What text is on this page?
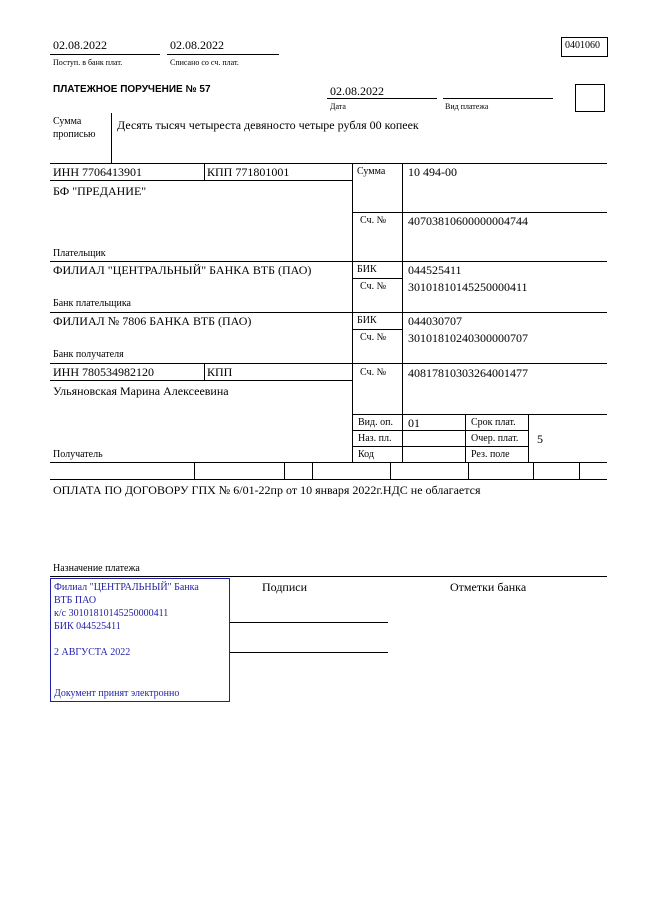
02.08.2022
Поступ. в банк плат.
02.08.2022
Списано со сч. плат.
0401060
ПЛАТЕЖНОЕ ПОРУЧЕНИЕ № 57	02.08.2022
Дата	Вид платежа
Сумма
прописью
Десять тысяч четыреста девяносто четыре рубля 00 копеек
ИНН 7706413901	КПП 771801001
БФ "ПРЕДАНИЕ"
Плательщик
Сумма 10 494-00
Сч. № 40703810600000004744
ФИЛИАЛ "ЦЕНТРАЛЬНЫЙ" БАНКА ВТБ (ПАО)
Банк плательщика
БИК	044525411
Сч. № 30101810145250000411
ФИЛИАЛ № 7806 БАНКА ВТБ (ПАО)
Банк получателя
БИК	044030707
Сч. № 30101810240300000707
ИНН 780534982120	КПП
Ульяновская Марина Алексеевина
Получатель
Сч. № 40817810303264001477
Вид. оп. 01
Наз. пл.
Код
Срок плат.
Очер. плат. 5
Рез. поле
ОПЛАТА ПО ДОГОВОРУ ГПХ № 6/01-22пр от 10 января 2022г.НДС не облагается
Назначение платежа
Подписи	Отметки банка
Филиал "ЦЕНТРАЛЬНЫЙ" Банка
ВТБ ПАО
к/с 30101810145250000411
БИК 044525411
2 АВГУСТА 2022
Документ принят электронно
